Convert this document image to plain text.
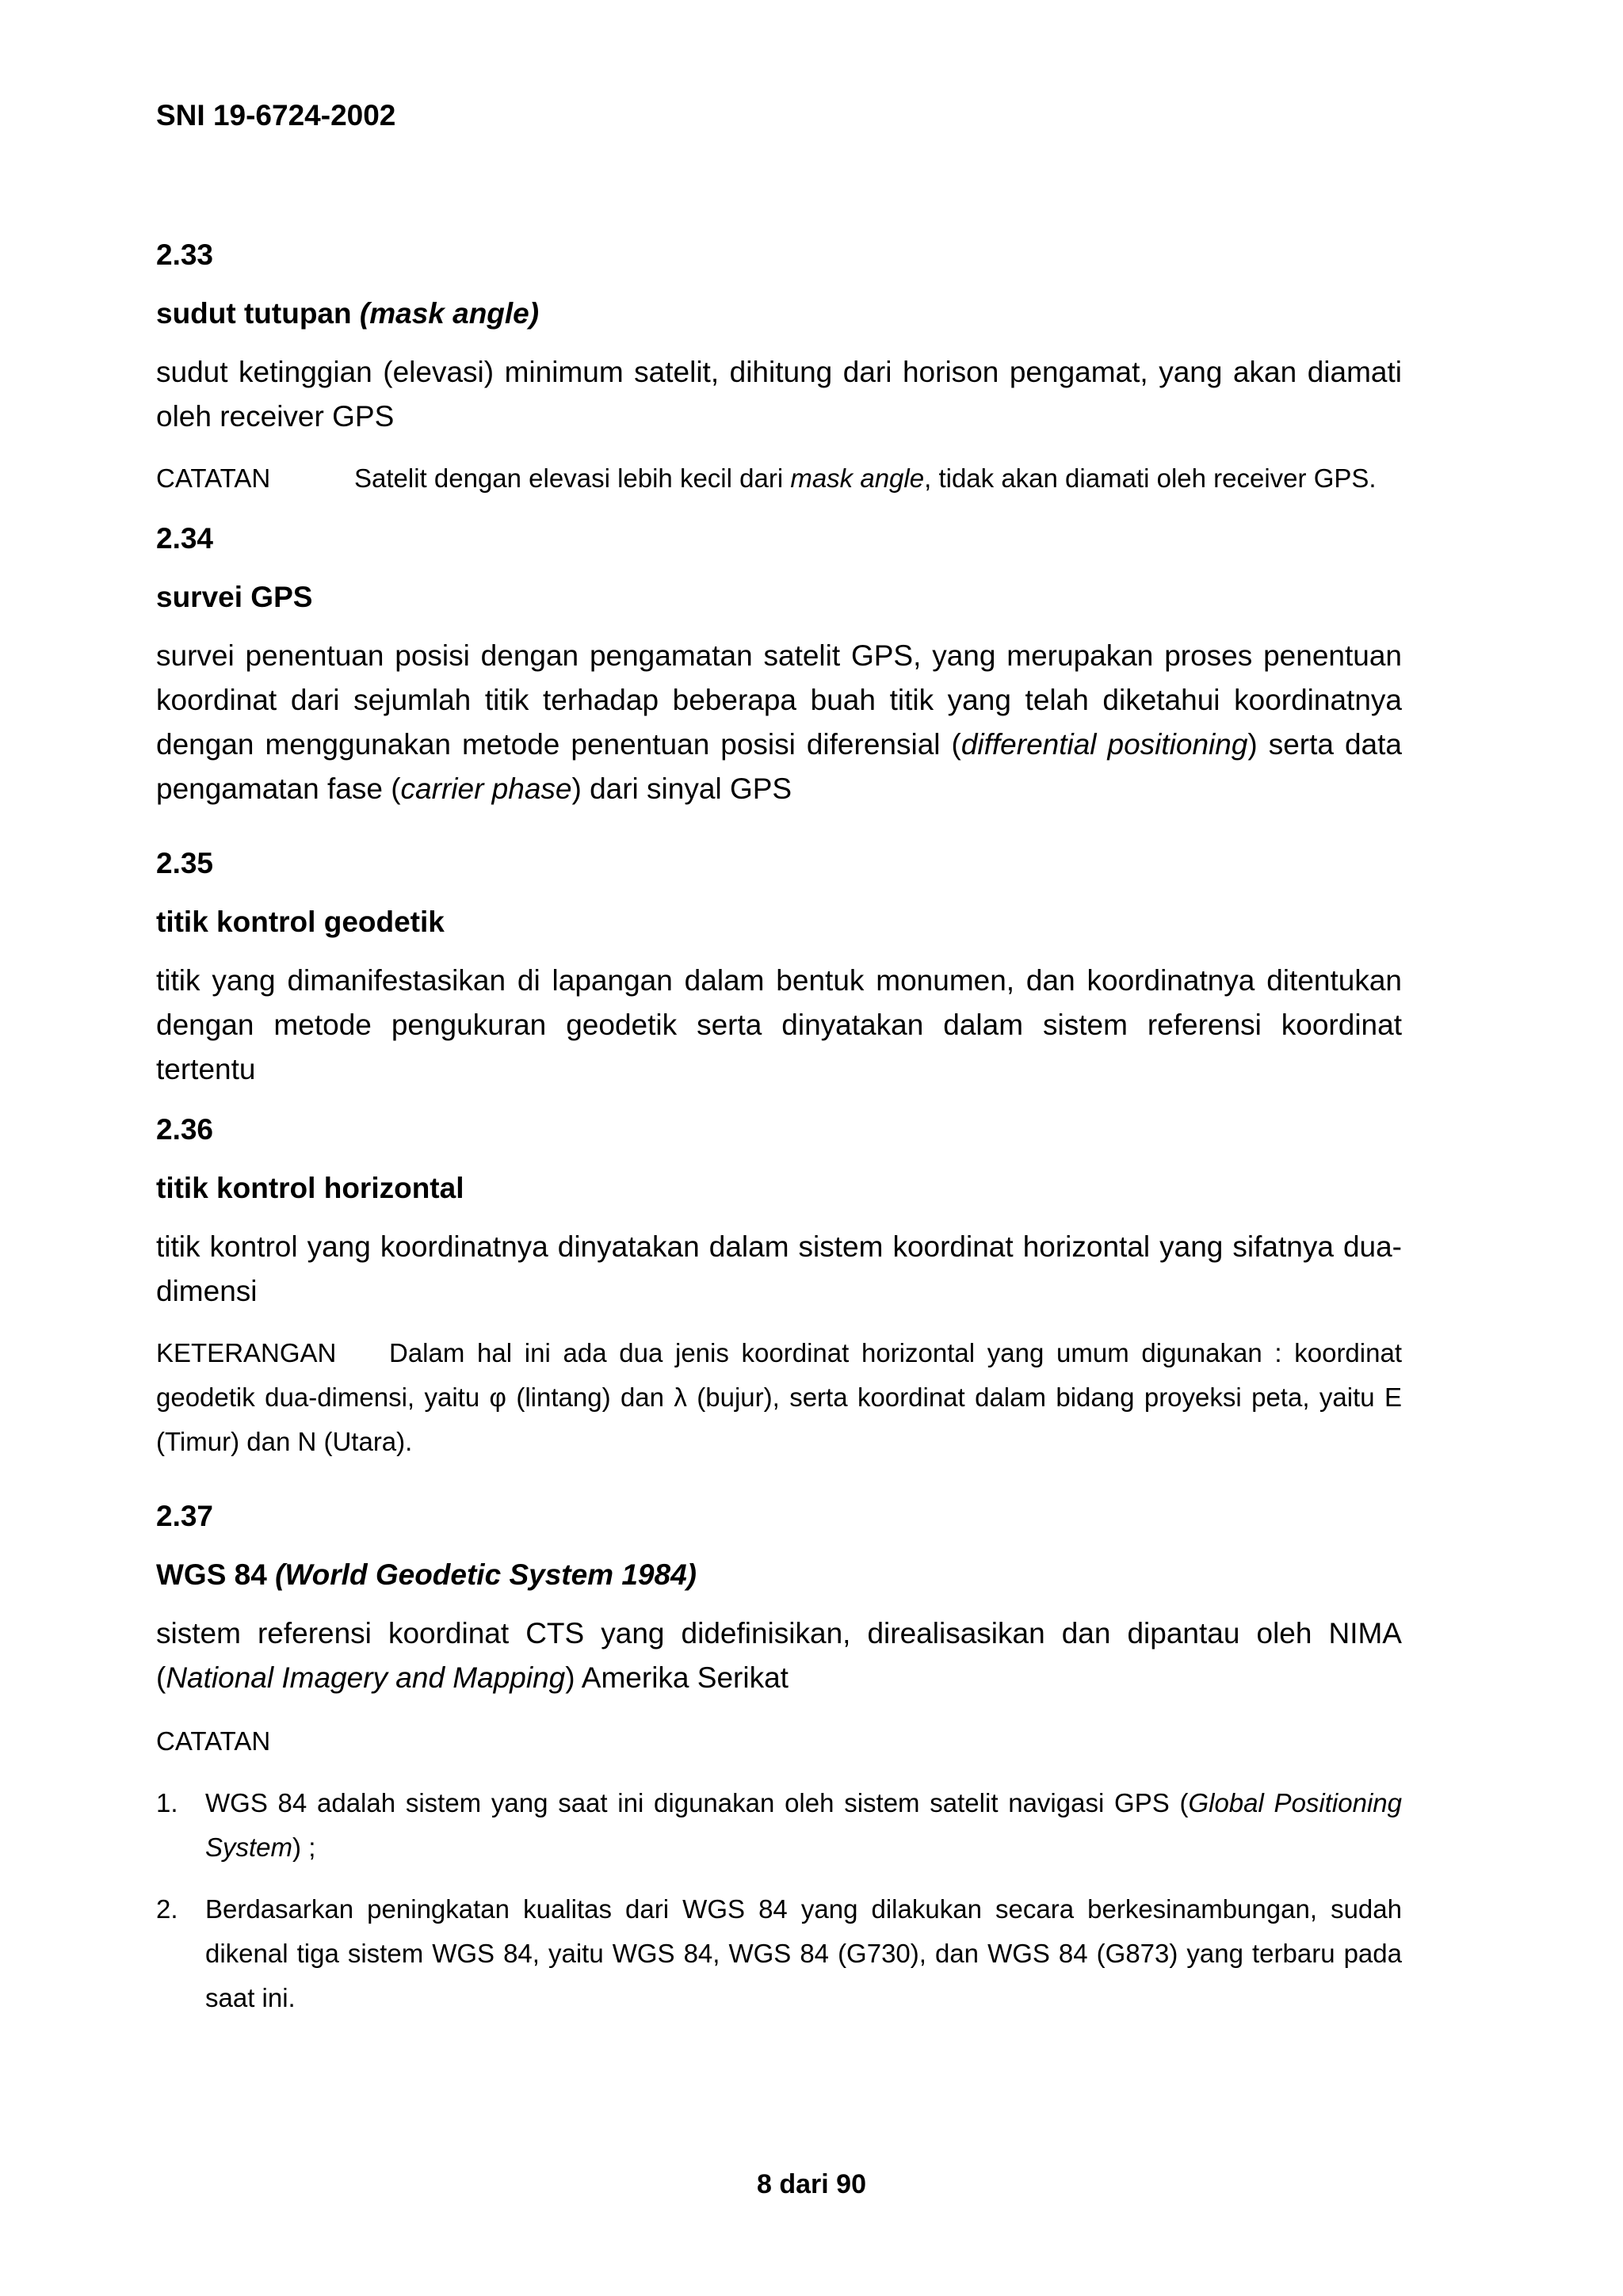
SNI 19-6724-2002

2.33

sudut tutupan (mask angle)

sudut ketinggian (elevasi) minimum satelit, dihitung dari horison pengamat, yang akan diamati oleh receiver GPS

CATATAN	Satelit dengan elevasi lebih kecil dari mask angle, tidak akan diamati oleh receiver GPS.

2.34

survei GPS

survei penentuan posisi dengan pengamatan satelit GPS, yang merupakan proses penentuan koordinat dari sejumlah titik terhadap beberapa buah titik yang telah diketahui koordinatnya dengan menggunakan metode penentuan posisi diferensial (differential positioning) serta data pengamatan fase (carrier phase) dari sinyal GPS

2.35

titik kontrol geodetik

titik yang dimanifestasikan di lapangan dalam bentuk monumen, dan koordinatnya ditentukan dengan metode pengukuran geodetik serta dinyatakan dalam sistem referensi koordinat tertentu

2.36

titik kontrol horizontal

titik kontrol yang koordinatnya dinyatakan dalam sistem koordinat horizontal yang sifatnya dua-dimensi

KETERANGAN Dalam hal ini ada dua jenis koordinat horizontal yang umum digunakan : koordinat geodetik dua-dimensi, yaitu φ (lintang) dan λ (bujur), serta koordinat dalam bidang proyeksi peta, yaitu E (Timur) dan N (Utara).

2.37

WGS 84 (World Geodetic System 1984)

sistem referensi koordinat CTS yang didefinisikan, direalisasikan dan dipantau oleh NIMA (National Imagery and Mapping) Amerika Serikat

CATATAN

1. WGS 84 adalah sistem yang saat ini digunakan oleh sistem satelit navigasi GPS (Global Positioning System) ;
2. Berdasarkan peningkatan kualitas dari WGS 84 yang dilakukan secara berkesinambungan, sudah dikenal tiga sistem WGS 84, yaitu WGS 84, WGS 84 (G730), dan WGS 84 (G873) yang terbaru pada saat ini.
8 dari 90
